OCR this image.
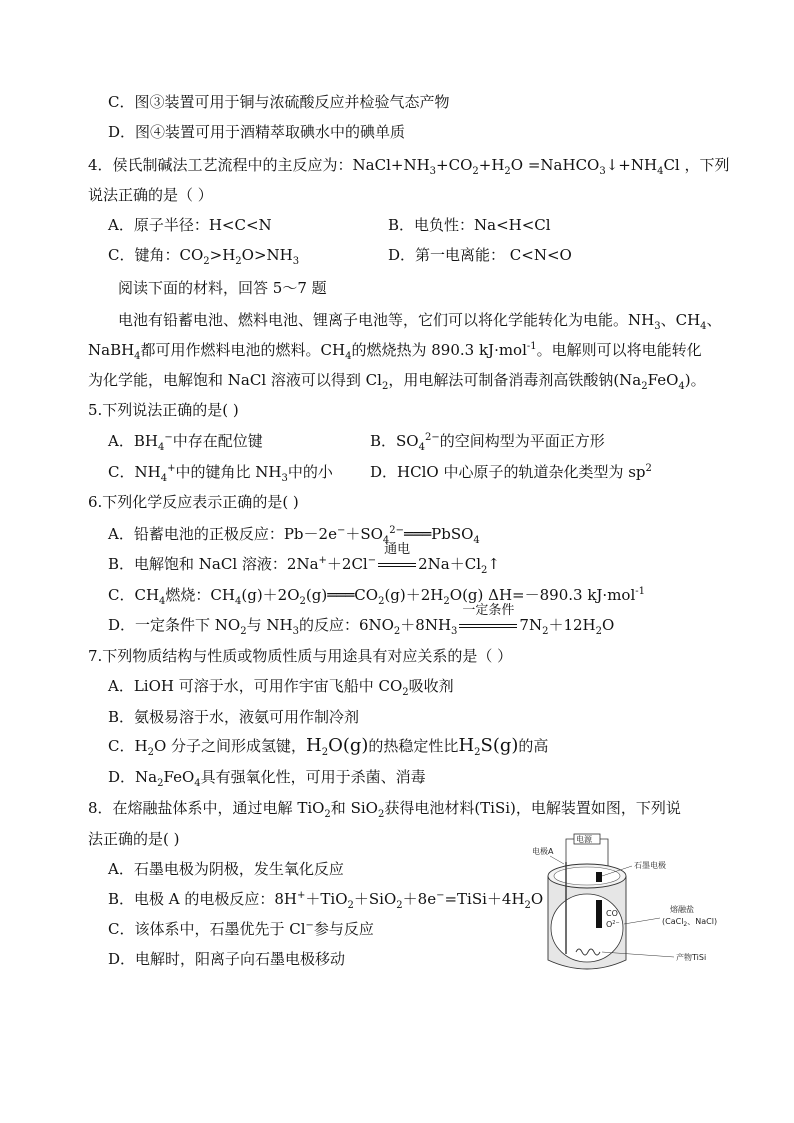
C．图③装置可用于铜与浓硫酸反应并检验气态产物
D．图④装置可用于酒精萃取碘水中的碘单质
4．侯氏制碱法工艺流程中的主反应为：$NaCl+NH_3+CO_2+H_2O$ $=NaHCO_3↓+NH_4Cl$ ，下列
说法正确的是（ ）
A．原子半径：H<C<N	B．电负性：Na<H<Cl
C．键角：$CO_2>H_2O>NH_3$	D．第一电离能： C<N<O
阅读下面的材料，回答 5～7 题
电池有铅蓄电池、燃料电池、锂离子电池等，它们可以将化学能转化为电能。$NH_3$、$CH_4$、
NaBH$_4$都可用作燃料电池的燃料。$CH_4$的燃烧热为 890.3 kJ·mol$^{-1}$。电解则可以将电能转化
为化学能，电解饱和 NaCl 溶液可以得到 $Cl_2$，用电解法可制备消毒剂高铁酸钠$(Na_2FeO_4)$。
5.下列说法正确的是( )
A．$BH_4^-$中存在配位键	B．$SO_4^{2-}$的空间构型为平面正方形
C．$NH_4^+$中的键角比 $NH_3$中的小 D．HClO 中心原子的轨道杂化类型为 $sp^2$
6.下列化学反应表示正确的是( )
A．铅蓄电池的正极反应：$Pb-2e^-+SO_4^{2-}═══PbSO_4$
B．电解饱和 NaCl 溶液：2Na+＋2Cl−
通电
$2Na+Cl_2↑$
C．$CH_4$燃烧：$CH_4(g)+2O_2(g)═══CO_2(g)+2H_2O(g)$ ΔH=－890.3 kJ·mol$^{-1}$
D．一定条件下 $NO_2$与 $NH_3$的反应：$6NO_2+8NH_3$
一定条件
$7N_2+12H_2O$
7.下列物质结构与性质或物质性质与用途具有对应关系的是（ ）
A．LiOH 可溶于水，可用作宇宙飞船中 $CO_2$吸收剂
B．氨极易溶于水，液氨可用作制冷剂
C．$H_2O$ 分子之间形成氢键，$H_2O(g)$的热稳定性比$H_2S(g)$的高
D．$Na_2FeO_4$具有强氧化性，可用于杀菌、消毒
8．在熔融盐体系中，通过电解 TiO$_2$和 SiO$_2$获得电池材料(TiSi)，电解装置如图，下列说
法正确的是( )
A．石墨电极为阴极，发生氧化反应
B．电极 A 的电极反应：$8H^++TiO_2+SiO_2+8e^-=TiSi+4H_2O$
C．该体系中，石墨优先于 Cl−参与反应
D．电解时，阳离子向石墨电极移动
电源
电极A
石墨电极
熔融盐
(CaCl$_2$、NaCl)
CO
$O^{2-}$
产物TiSi
